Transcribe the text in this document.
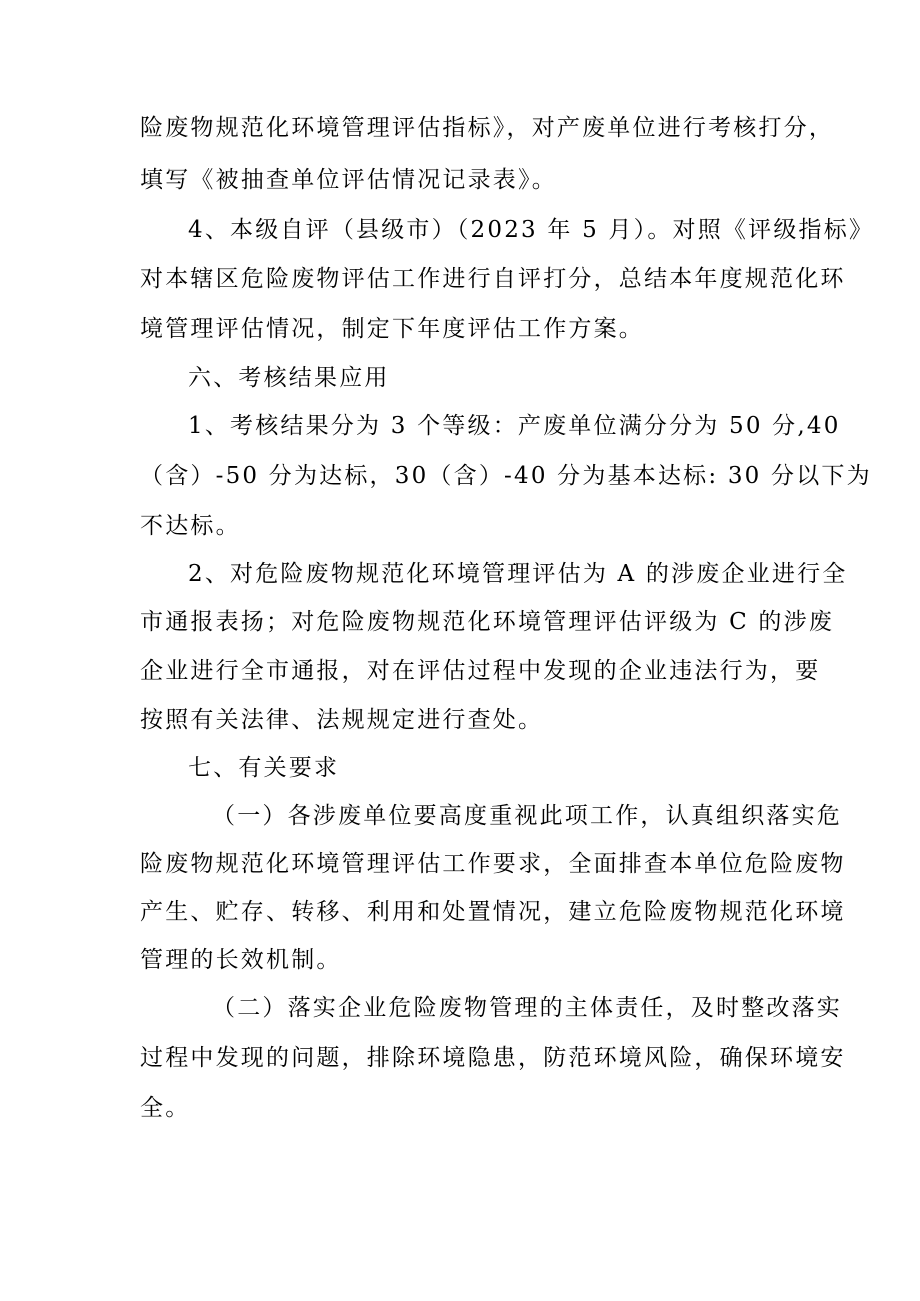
险废物规范化环境管理评估指标》，对产废单位进行考核打分，

填写《被抽查单位评估情况记录表》。

4、本级自评（县级市）（2023 年 5 月）。对照《评级指标》

对本辖区危险废物评估工作进行自评打分，总结本年度规范化环

境管理评估情况，制定下年度评估工作方案。

六、考核结果应用

1、考核结果分为 3 个等级：产废单位满分分为 50 分,40

（含）-50 分为达标，30（含）-40 分为基本达标: 30 分以下为

不达标。

2、对危险废物规范化环境管理评估为 A 的涉废企业进行全

市通报表扬；对危险废物规范化环境管理评估评级为 C 的涉废

企业进行全市通报，对在评估过程中发现的企业违法行为，要

按照有关法律、法规规定进行查处。

七、有关要求

（一）各涉废单位要高度重视此项工作，认真组织落实危

险废物规范化环境管理评估工作要求，全面排查本单位危险废物

产生、贮存、转移、利用和处置情况，建立危险废物规范化环境

管理的长效机制。

（二）落实企业危险废物管理的主体责任，及时整改落实

过程中发现的问题，排除环境隐患，防范环境风险，确保环境安

全。
